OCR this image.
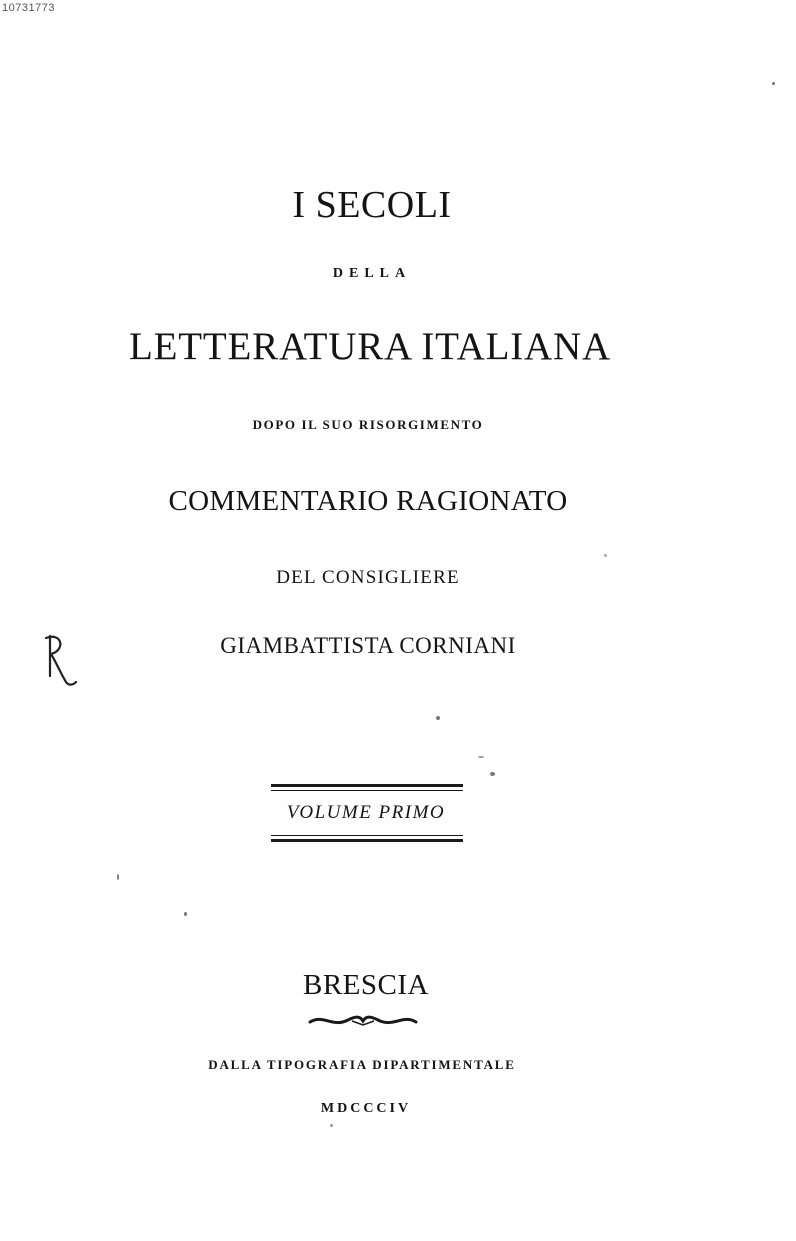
10731773
I SECOLI
DELLA
LETTERATURA ITALIANA
DOPO IL SUO RISORGIMENTO
COMMENTARIO RAGIONATO
DEL CONSIGLIERE
GIAMBATTISTA CORNIANI
VOLUME PRIMO
BRESCIA
DALLA TIPOGRAFIA DIPARTIMENTALE
MDCCCIV
